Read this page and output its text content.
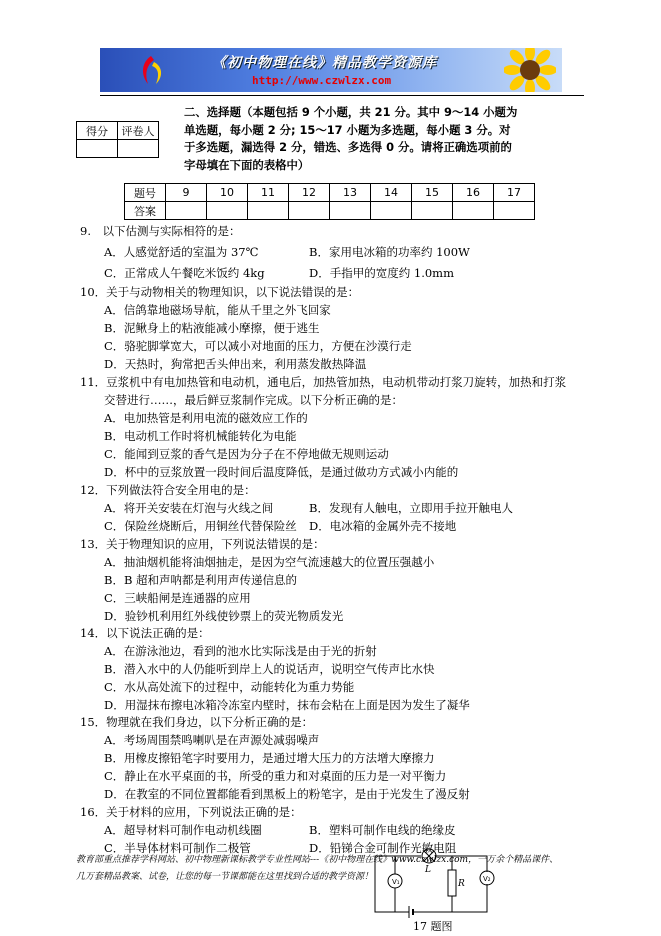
《初中物理在线》精品教学资源库
http://www.czwlzx.com
得分	评卷人

二、选择题（本题包括 9 个小题，共 21 分。其中 9～14 小题为单选题，每小题 2 分; 15～17 小题为多选题，每小题 3 分。对于多选题，漏选得 2 分，错选、多选得 0 分。请将正确选项前的字母填在下面的表格中）
题号	9	10	11	12	13	14	15	16	17
答案									
9.　以下估测与实际相符的是：
A．人感觉舒适的室温为 37℃	B．家用电冰箱的功率约 100W
C．正常成人午餐吃米饭约 4kg	D．手指甲的宽度约 1.0mm
10．关于与动物相关的物理知识，以下说法错误的是：
A．信鸽靠地磁场导航，能从千里之外飞回家
B．泥鳅身上的粘液能减小摩擦，便于逃生
C．骆驼脚掌宽大，可以减小对地面的压力，方便在沙漠行走
D．天热时，狗常把舌头伸出来，利用蒸发散热降温
11．豆浆机中有电加热管和电动机，通电后，加热管加热，电动机带动打浆刀旋转，加热和打浆
交替进行……，最后鲜豆浆制作完成。以下分析正确的是：
A．电加热管是利用电流的磁效应工作的
B．电动机工作时将机械能转化为电能
C．能闻到豆浆的香气是因为分子在不停地做无规则运动
D．杯中的豆浆放置一段时间后温度降低，是通过做功方式减小内能的
12．下列做法符合安全用电的是：
A．将开关安装在灯泡与火线之间	B．发现有人触电，立即用手拉开触电人
C．保险丝烧断后，用铜丝代替保险丝 D．电冰箱的金属外壳不接地
13．关于物理知识的应用，下列说法错误的是：
A．抽油烟机能将油烟抽走，是因为空气流速越大的位置压强越小
B．B 超和声呐都是利用声传递信息的
C．三峡船闸是连通器的应用
D．验钞机利用红外线使钞票上的荧光物质发光
14．以下说法正确的是：
A．在游泳池边，看到的池水比实际浅是由于光的折射
B．潜入水中的人仍能听到岸上人的说话声，说明空气传声比水快
C．水从高处流下的过程中，动能转化为重力势能
D．用湿抹布擦电冰箱冷冻室内壁时，抹布会粘在上面是因为发生了凝华
15．物理就在我们身边，以下分析正确的是：
A．考场周围禁鸣喇叭是在声源处减弱噪声
B．用橡皮擦铅笔字时要用力，是通过增大压力的方法增大摩擦力
C．静止在水平桌面的书，所受的重力和对桌面的压力是一对平衡力
D．在教室的不同位置都能看到黑板上的粉笔字，是由于光发生了漫反射
16．关于材料的应用，下列说法正确的是：
A．超导材料可制作电动机线圈	B．塑料可制作电线的绝缘皮
C．半导体材料可制作二极管	D．铅锑合金可制作光敏电阻
V₁	V₂
L
R
17 题图
教育部重点推荐学科网站、初中物理新课标教学专业性网站---《初中物理在线》www.czwlzx.com，一万余个精品课件、
几万套精品教案、试卷，让您的每一节课都能在这里找到合适的教学资源！
